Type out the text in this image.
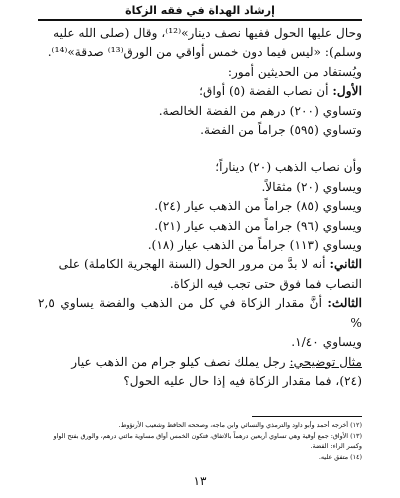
إرشاد الهداة في فقه الزكاة

وحال عليها الحول ففيها نصف دينار»⁽¹²⁾، وقال (صلى الله عليه

وسلم): «ليس فيما دون خمس أواقي من الورق⁽¹³⁾ صدقة»⁽¹⁴⁾.

ويُستفاد من الحديثين أمور:

الأول: أن نصاب الفضة (٥) أواق؛

وتساوي (٢٠٠) درهم من الفضة الخالصة.

وتساوي (٥٩٥) جراماً من الفضة.

وأن نصاب الذهب (٢٠) ديناراً؛

ويساوي (٢٠) مثقالاً.

ويساوي (٨٥) جراماً من الذهب عيار (٢٤).

ويساوي (٩٦) جراماً من الذهب عيار (٢١).

ويساوي (١١٣) جراماً من الذهب عيار (١٨).

الثاني: أنه لا بدَّ من مرور الحول (السنة الهجرية الكاملة) على

النصاب فما فوق حتى تجب فيه الزكاة.

الثالث: أنَّ مقدار الزكاة في كل من الذهب والفضة يساوي ٢,٥ %

ويساوي ١/٤٠.

مثال توضيحي: رجل يملك نصف كيلو جرام من الذهب عيار

(٢٤)، فما مقدار الزكاة فيه إذا حال عليه الحول؟

(١٢) أخرجه أحمد وأبو داود والترمذي والنسائي وابن ماجه، وصححه الحافظ وشعيب الأرنؤوط.

(١٣) الأواق: جمع أوقية وهي تساوي أربعين درهماً بالاتفاق، فتكون الخمس أواق مساوية مائتي درهم، والورق بفتح الواو وكسر الراء: الفضة.

(١٤) متفق عليه.

١٣
